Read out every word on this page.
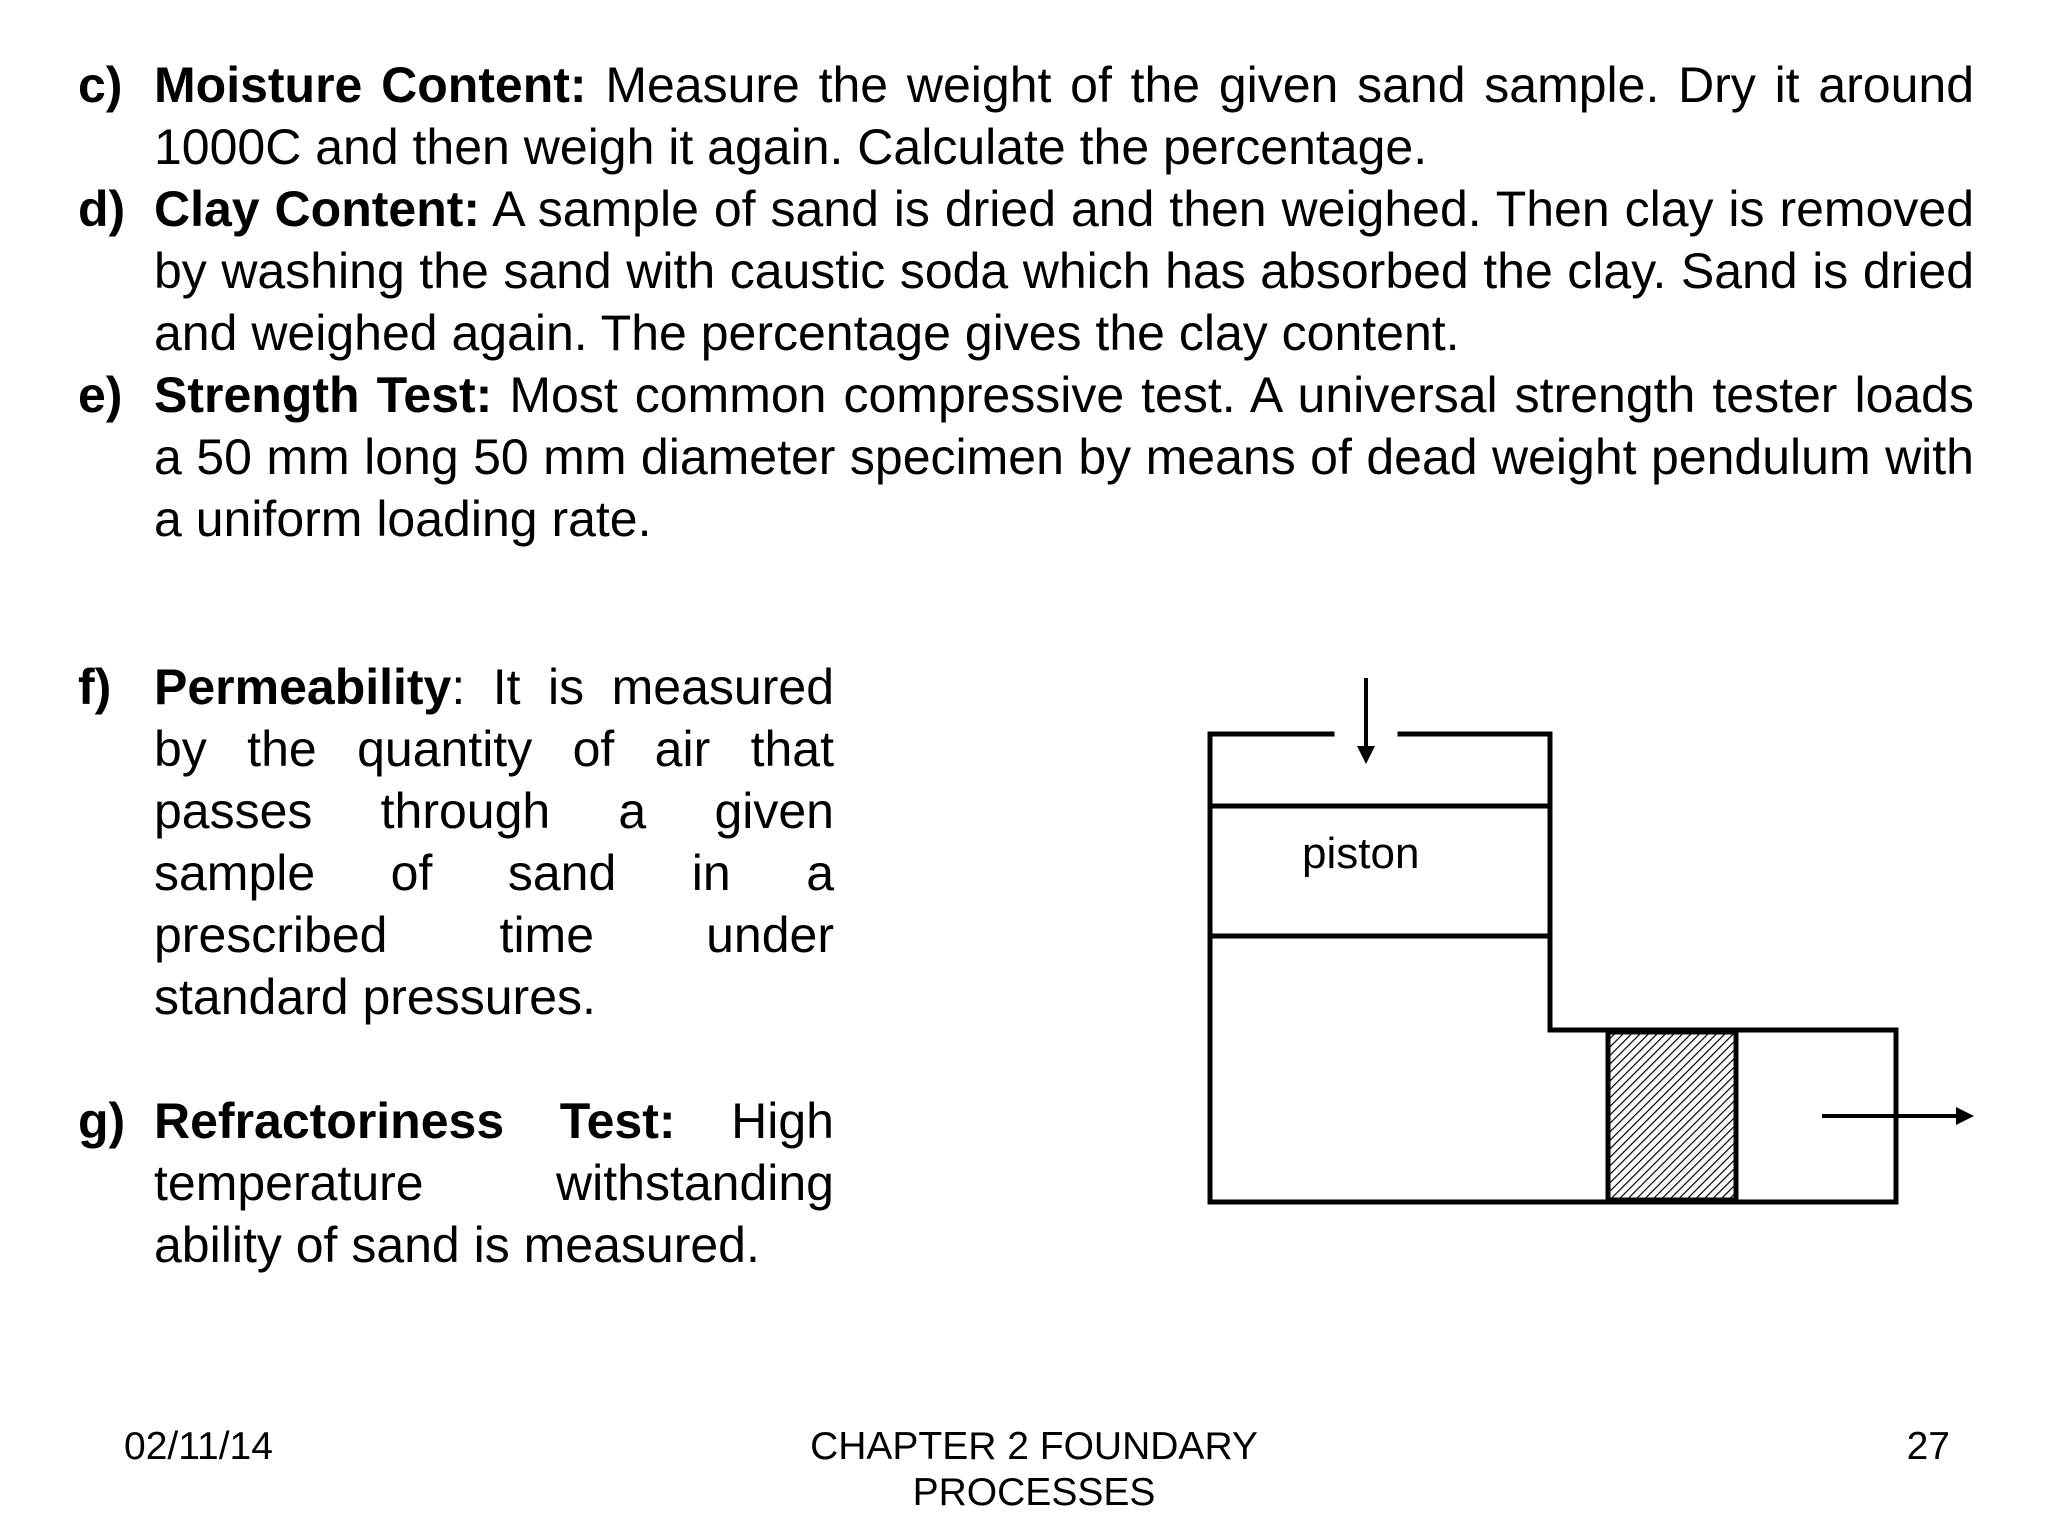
c) Moisture Content: Measure the weight of the given sand sample. Dry it around 1000C and then weigh it again. Calculate the percentage.
d) Clay Content: A sample of sand is dried and then weighed. Then clay is removed by washing the sand with caustic soda which has absorbed the clay. Sand is dried and weighed again. The percentage gives the clay content.
e) Strength Test: Most common compressive test. A universal strength tester loads a 50 mm long 50 mm diameter specimen by means of dead weight pendulum with a uniform loading rate.
f) Permeability: It is measured by the quantity of air that passes through a given sample of sand in a prescribed time under standard pressures.
g) Refractoriness Test: High temperature withstanding ability of sand is measured.
piston
02/11/14	CHAPTER 2 FOUNDARY PROCESSES
27
